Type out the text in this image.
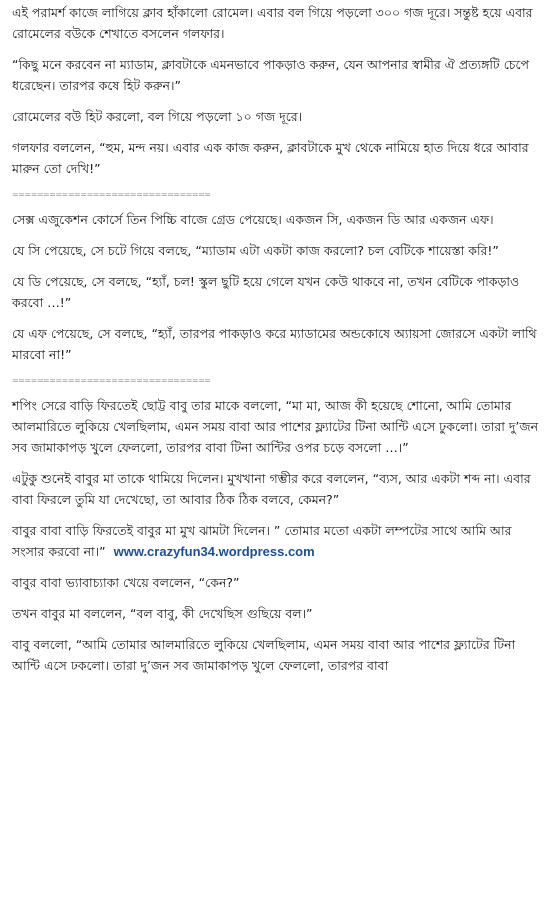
এই পরামর্শ কাজে লাগিয়ে ক্লাব হাঁকালো রোমেল। এবার বল গিয়ে পড়লো ৩০০ গজ দূরে। সন্তুষ্ট হয়ে এবার রোমেলের বউকে শেখাতে বসলেন গলফার।

“কিছু মনে করবেন না ম্যাডাম, ক্লাবটাকে এমনভাবে পাকড়াও করুন, যেন আপনার স্বামীর ঐ প্রত্যঙ্গটি চেপে ধরেছেন। তারপর কষে হিট করুন।”

রোমেলের বউ হিট করলো, বল গিয়ে পড়লো ১০ গজ দূরে।

গলফার বললেন, “হুম, মন্দ নয়। এবার এক কাজ করুন, ক্লাবটাকে মুখ থেকে নামিয়ে হাত দিয়ে ধরে আবার মারুন তো দেখি!”

================================

সেক্স এজুকেশন কোর্সে তিন পিচ্চি বাজে গ্রেড পেয়েছে। একজন সি, একজন ডি আর একজন এফ।

যে সি পেয়েছে, সে চটে গিয়ে বলছে, “ম্যাডাম এটা একটা কাজ করলো? চল বেটিকে শায়েস্তা করি!”

যে ডি পেয়েছে, সে বলছে, “হ্যাঁ, চল! স্কুল ছুটি হয়ে গেলে যখন কেউ থাকবে না, তখন বেটিকে পাকড়াও করবো …!”

যে এফ পেয়েছে, সে বলছে, “হ্যাঁ, তারপর পাকড়াও করে ম্যাডামের অন্ডকোষে অ্যায়সা জোরসে একটা লাথি মারবো না!”

================================

শপিং সেরে বাড়ি ফিরতেই ছোট্ট বাবু তার মাকে বললো, “মা মা, আজ কী হয়েছে শোনো, আমি তোমার আলমারিতে লুকিয়ে খেলছিলাম, এমন সময় বাবা আর পাশের ফ্ল্যাটের টিনা আন্টি এসে ঢুকলো। তারা দু’জন সব জামাকাপড় খুলে ফেললো, তারপর বাবা টিনা আন্টির ওপর চড়ে বসলো …।”

এটুকু শুনেই বাবুর মা তাকে থামিয়ে দিলেন। মুখখানা গম্ভীর করে বললেন, “ব্যস, আর একটা শব্দ না। এবার বাবা ফিরলে তুমি যা দেখেছো, তা আবার ঠিক ঠিক বলবে, কেমন?”

বাবুর বাবা বাড়ি ফিরতেই বাবুর মা মুখ ঝামটা দিলেন। ” তোমার মতো একটা লম্পটের সাথে আমি আর সংসার করবো না।” www.crazyfun34.wordpress.com

বাবুর বাবা ভ্যাবাচ্যাকা খেয়ে বললেন, “কেন?”

তখন বাবুর মা বললেন, “বল বাবু, কী দেখেছিস গুছিয়ে বল।”

বাবু বললো, “আমি তোমার আলমারিতে লুকিয়ে খেলছিলাম, এমন সময় বাবা আর পাশের ফ্ল্যাটের টিনা আন্টি এসে ঢকলো। তারা দু’জন সব জামাকাপড় খুলে ফেললো, তারপর বাবা
